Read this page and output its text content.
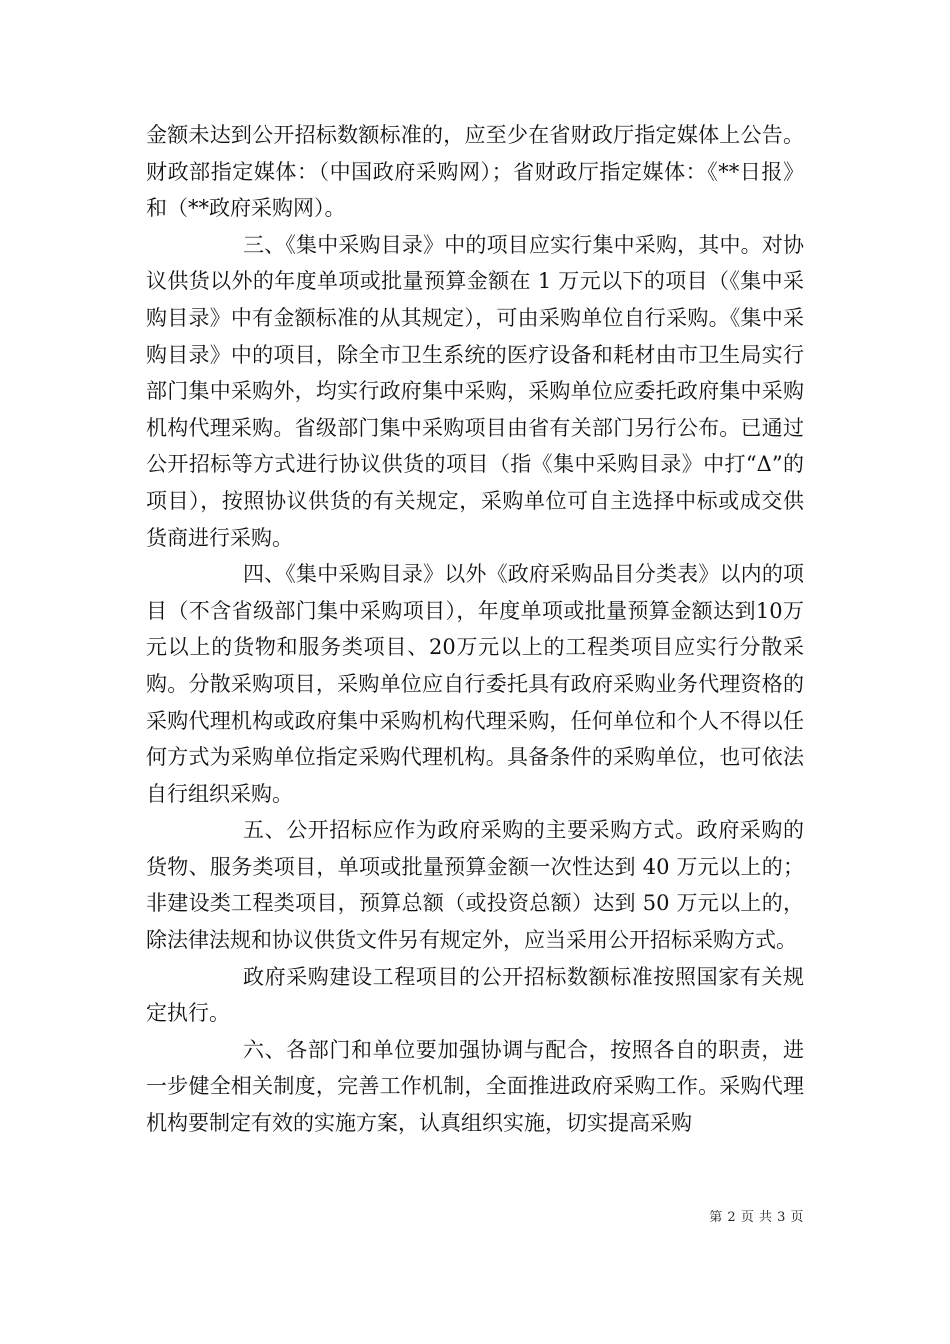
金额未达到公开招标数额标准的，应至少在省财政厅指定媒体上公告。财政部指定媒体：（中国政府采购网）；省财政厅指定媒体：《**日报》和（**政府采购网）。

三、《集中采购目录》中的项目应实行集中采购，其中。对协议供货以外的年度单项或批量预算金额在 1 万元以下的项目（《集中采购目录》中有金额标准的从其规定），可由采购单位自行采购。《集中采购目录》中的项目，除全市卫生系统的医疗设备和耗材由市卫生局实行部门集中采购外，均实行政府集中采购，采购单位应委托政府集中采购机构代理采购。省级部门集中采购项目由省有关部门另行公布。已通过公开招标等方式进行协议供货的项目（指《集中采购目录》中打“Δ”的项目），按照协议供货的有关规定，采购单位可自主选择中标或成交供货商进行采购。

四、《集中采购目录》以外《政府采购品目分类表》以内的项目（不含省级部门集中采购项目），年度单项或批量预算金额达到10万元以上的货物和服务类项目、20万元以上的工程类项目应实行分散采购。分散采购项目，采购单位应自行委托具有政府采购业务代理资格的采购代理机构或政府集中采购机构代理采购，任何单位和个人不得以任何方式为采购单位指定采购代理机构。具备条件的采购单位，也可依法自行组织采购。

五、公开招标应作为政府采购的主要采购方式。政府采购的货物、服务类项目，单项或批量预算金额一次性达到 40 万元以上的；非建设类工程类项目，预算总额（或投资总额）达到 50 万元以上的，除法律法规和协议供货文件另有规定外，应当采用公开招标采购方式。

政府采购建设工程项目的公开招标数额标准按照国家有关规定执行。

六、各部门和单位要加强协调与配合，按照各自的职责，进一步健全相关制度，完善工作机制，全面推进政府采购工作。采购代理机构要制定有效的实施方案，认真组织实施，切实提高采购

第 2 页 共 3 页
